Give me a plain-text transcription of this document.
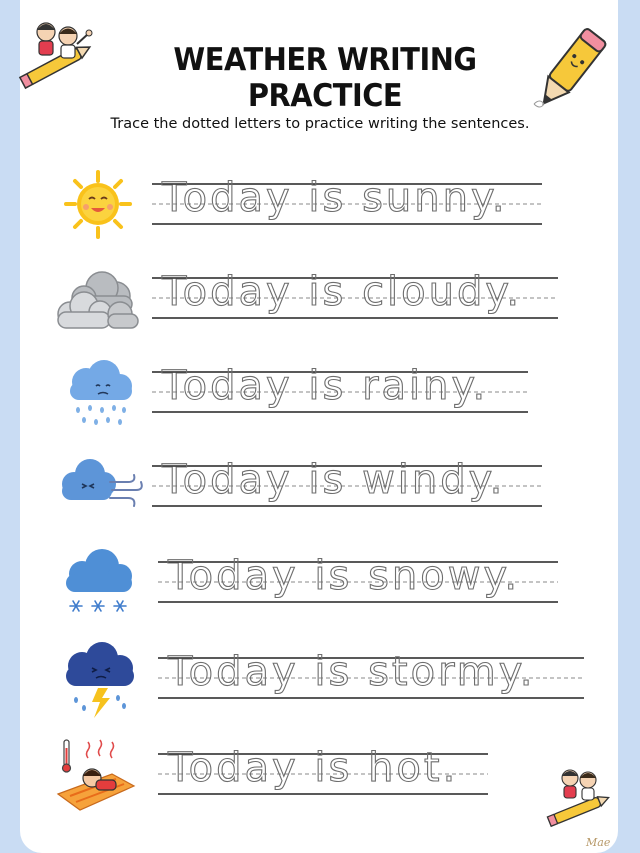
WEATHER WRITING PRACTICE
Trace the dotted letters to practice writing the sentences.
Today is sunny.
Today is cloudy.
Today is rainy.
Today is windy.
Today is snowy.
Today is stormy.
Today is hot.
Mae
